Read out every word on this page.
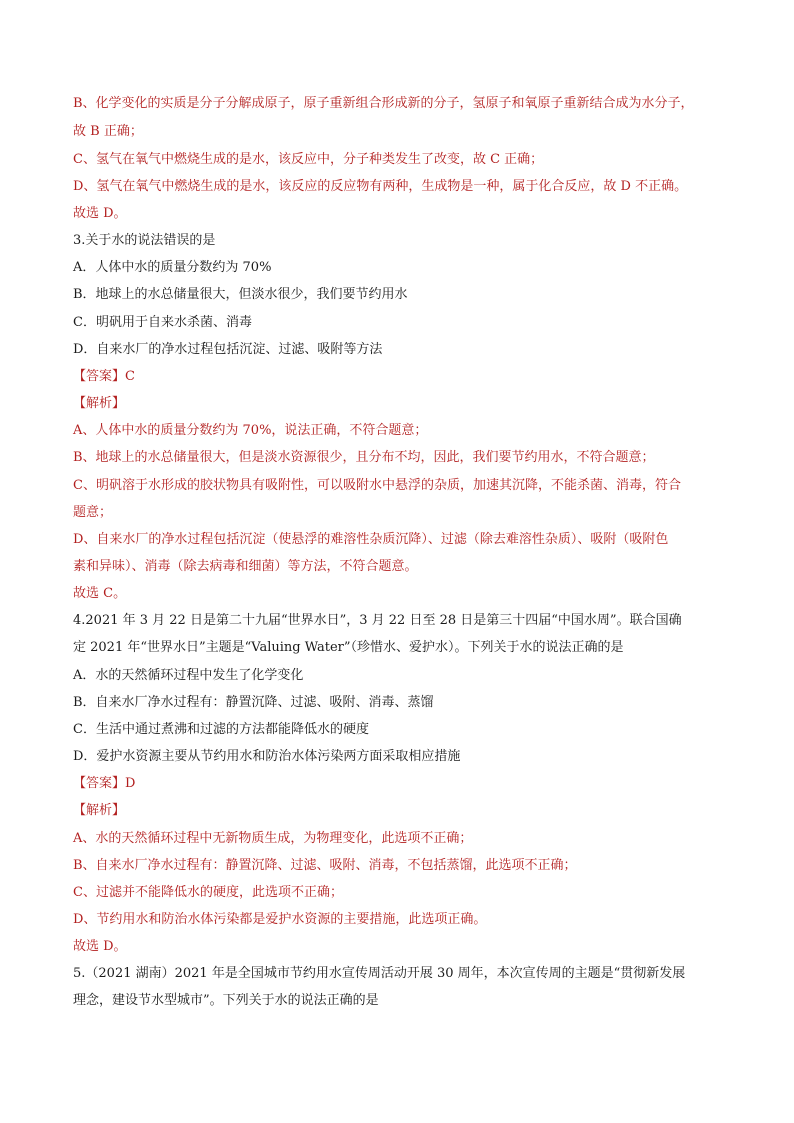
B、化学变化的实质是分子分解成原子，原子重新组合形成新的分子，氢原子和氧原子重新结合成为水分子，
故 B 正确；
C、氢气在氧气中燃烧生成的是水，该反应中，分子种类发生了改变，故 C 正确；
D、氢气在氧气中燃烧生成的是水，该反应的反应物有两种，生成物是一种，属于化合反应，故 D 不正确。
故选 D。
3.关于水的说法错误的是
A．人体中水的质量分数约为 70%
B．地球上的水总储量很大，但淡水很少，我们要节约用水
C．明矾用于自来水杀菌、消毒
D．自来水厂的净水过程包括沉淀、过滤、吸附等方法
【答案】C
【解析】
A、人体中水的质量分数约为 70%，说法正确，不符合题意；
B、地球上的水总储量很大，但是淡水资源很少，且分布不均，因此，我们要节约用水，不符合题意；
C、明矾溶于水形成的胶状物具有吸附性，可以吸附水中悬浮的杂质，加速其沉降，不能杀菌、消毒，符合
题意；
D、自来水厂的净水过程包括沉淀（使悬浮的难溶性杂质沉降）、过滤（除去难溶性杂质）、吸附（吸附色
素和异味）、消毒（除去病毒和细菌）等方法，不符合题意。
故选 C。
4.2021 年 3 月 22 日是第二十九届“世界水日”，3 月 22 日至 28 日是第三十四届“中国水周”。联合国确
定 2021 年“世界水日”主题是“Valuing Water”（珍惜水、爱护水）。下列关于水的说法正确的是
A．水的天然循环过程中发生了化学变化
B．自来水厂净水过程有：静置沉降、过滤、吸附、消毒、蒸馏
C．生活中通过煮沸和过滤的方法都能降低水的硬度
D．爱护水资源主要从节约用水和防治水体污染两方面采取相应措施
【答案】D
【解析】
A、水的天然循环过程中无新物质生成，为物理变化，此选项不正确；
B、自来水厂净水过程有：静置沉降、过滤、吸附、消毒，不包括蒸馏，此选项不正确；
C、过滤并不能降低水的硬度，此选项不正确；
D、节约用水和防治水体污染都是爱护水资源的主要措施，此选项正确。
故选 D。
5.（2021 湖南）2021 年是全国城市节约用水宣传周活动开展 30 周年，本次宣传周的主题是“贯彻新发展
理念，建设节水型城市”。下列关于水的说法正确的是
